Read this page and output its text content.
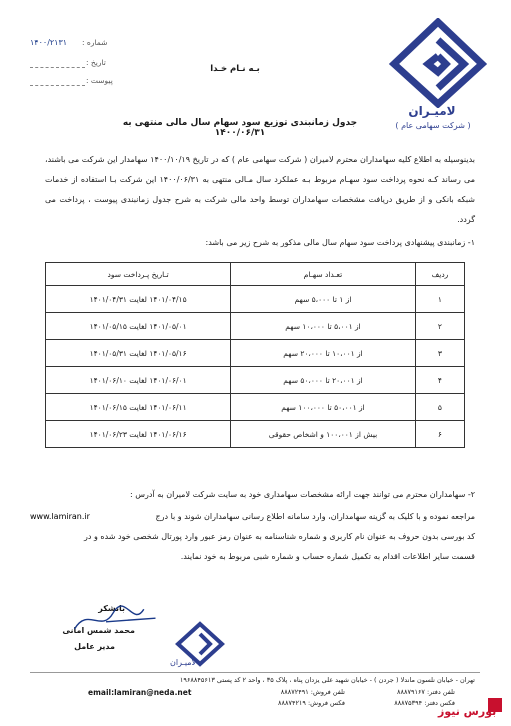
لامیـران
( شرکت سهامی عام )
۱۴۰۰/۲۱۳۱ شماره :
تاریخ :
پیوست :
بـه نـام خـدا
جدول زمانبندی توزیع سود سهام سال مالی منتهی به ۱۴۰۰/۰۶/۳۱
بدینوسیله به اطلاع کلیه سهامداران محترم لامیران ( شرکت سهامی عام ) که در تاریخ ۱۴۰۰/۱۰/۱۹ سهامدار این شرکت می باشند، می رساند کـه نحوه پرداخت سود سهـام مربوط بـه عملکرد سال مـالی منتهی به ۱۴۰۰/۰۶/۳۱ این شرکت بـا استفاده از خدمات شبکه بانکی و از طریق دریافت مشخصات سهامداران توسط واحد مالی شرکت به شرح جدول زمانبندی پیوست ، پرداخت می گردد.
۱- زمانبندی پیشنهادی پرداخت سود سهام سال مالی مذکور به شرح زیر می باشد:
ردیف	تعـداد سهـام	تـاریخ پـرداخت سود
۱	از ۱ تا ۵،۰۰۰ سهم	۱۴۰۱/۰۴/۱۵ لغایت ۱۴۰۱/۰۴/۳۱
۲	از ۵،۰۰۱ تا ۱۰،۰۰۰ سهم	۱۴۰۱/۰۵/۰۱ لغایت ۱۴۰۱/۰۵/۱۵
۳	از ۱۰،۰۰۱ تا ۲۰،۰۰۰ سهم	۱۴۰۱/۰۵/۱۶ لغایت ۱۴۰۱/۰۵/۳۱
۴	از ۲۰،۰۰۱ تا ۵۰،۰۰۰ سهم	۱۴۰۱/۰۶/۰۱ لغایت ۱۴۰۱/۰۶/۱۰
۵	از ۵۰،۰۰۱ تا ۱۰۰،۰۰۰ سهم	۱۴۰۱/۰۶/۱۱ لغایت ۱۴۰۱/۰۶/۱۵
۶	بیش از ۱۰۰،۰۰۱ و اشخاص حقوقی	۱۴۰۱/۰۶/۱۶ لغایت ۱۴۰۱/۰۶/۲۳
۲- سهامداران محترم می توانند جهت ارائه مشخصات سهامداری خود به سایت شرکت لامیران به آدرس :
www.lamiran.ir	مراجعه نموده و با کلیک به گزینه سهامداران، وارد سامانه اطلاع رسانی سهامداران شوند و با درج
کد بورسی بدون حروف به عنوان نام کاربری و شماره شناسنامه به عنوان رمز عبور وارد پورتال شخصی خود شده و در
قسمت سایر اطلاعات اقدام به تکمیل شماره حساب و شماره شبی مربوط به خود نمایند.
باتشکر
محمد شمس امانی
مدیر عامل
لامیـران
تهران - خیابان نلسون ماندلا ( جردن ) - خیابان شهید علی یزدان پناه ، پلاک ۳۵ ، واحد ۲ کد پستی ۱۹۶۸۸۴۵۶۱۳
تلفن دفتر: ۸۸۸۷۹۱۶۷
تلفن فروش: ۸۸۸۷۲۴۹۱
فکس دفتر: ۸۸۸۷۵۳۹۴
فکس فروش: ۸۸۸۷۴۲۱۹
email:lamiran@neda.net
بورس نیوز
